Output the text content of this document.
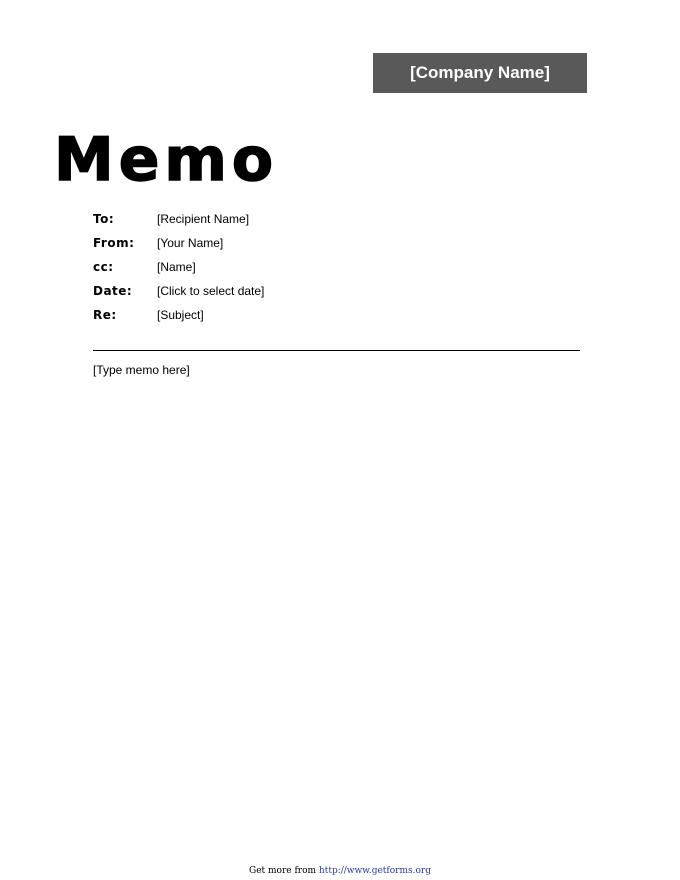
[Company Name]
Memo
To:	[Recipient Name]
From:	[Your Name]
cc:	[Name]
Date:	[Click to select date]
Re:	[Subject]
[Type memo here]
Get more from http://www.getforms.org
